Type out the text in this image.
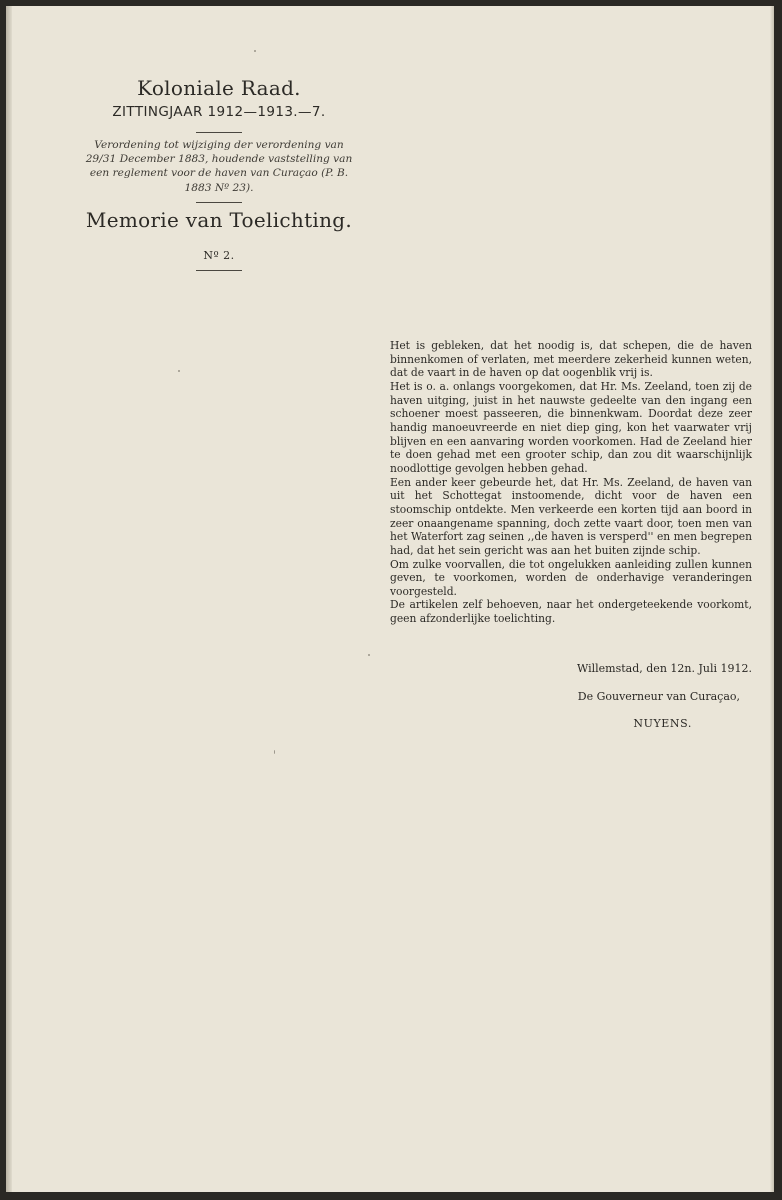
Koloniale Raad.
ZITTINGJAAR 1912—1913.—7.
Verordening tot wijziging der verordening van 29/31 December 1883, houdende vaststelling van een reglement voor de haven van Curaçao (P. B. 1883 Nº 23).
Memorie van Toelichting.
Nº 2.

Het is gebleken, dat het noodig is, dat schepen, die de haven binnenkomen of verlaten, met meerdere zekerheid kunnen weten, dat de vaart in de haven op dat oogenblik vrij is.

Het is o. a. onlangs voorgekomen, dat Hr. Ms. Zeeland, toen zij de haven uitging, juist in het nauwste gedeelte van den ingang een schoener moest passeeren, die binnenkwam. Doordat deze zeer handig manoeuvreerde en niet diep ging, kon het vaarwater vrij blijven en een aanvaring worden voorkomen. Had de Zeeland hier te doen gehad met een grooter schip, dan zou dit waarschijnlijk noodlottige gevolgen hebben gehad.

Een ander keer gebeurde het, dat Hr. Ms. Zeeland, de haven van uit het Schottegat instoomende, dicht voor de haven een stoomschip ontdekte. Men verkeerde een korten tijd aan boord in zeer onaangename spanning, doch zette vaart door, toen men van het Waterfort zag seinen ,,de haven is versperd'' en men begrepen had, dat het sein gericht was aan het buiten zijnde schip.

Om zulke voorvallen, die tot ongelukken aanleiding zullen kunnen geven, te voorkomen, worden de onderhavige veranderingen voorgesteld.

De artikelen zelf behoeven, naar het ondergeteekende voorkomt, geen afzonderlijke toelichting.

Willemstad, den 12n. Juli 1912.
De Gouverneur van Curaçao,
NUYENS.
